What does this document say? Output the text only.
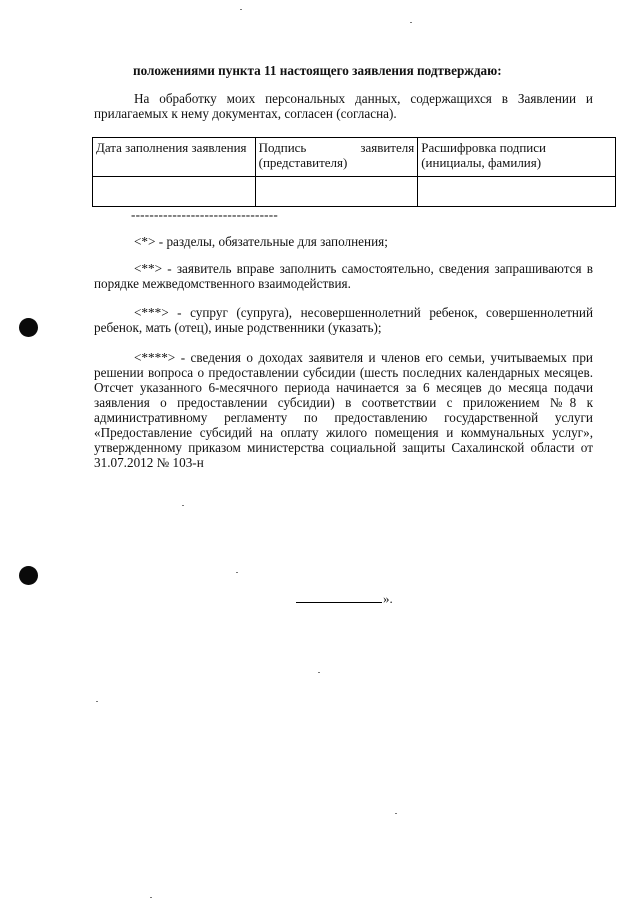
положениями пункта 11 настоящего заявления подтверждаю:
На обработку моих персональных данных, содержащихся в Заявлении и прилагаемых к нему документах, согласен (согласна).
Дата заполнения заявления	Подпись заявителя (представителя)	Расшифровка подписи (инициалы, фамилия)

--------------------------------
<*> - разделы, обязательные для заполнения;
<**> - заявитель вправе заполнить самостоятельно, сведения запрашиваются в порядке межведомственного взаимодействия.
<***> - супруг (супруга), несовершеннолетний ребенок, совершеннолетний ребенок, мать (отец), иные родственники (указать);
<****> - сведения о доходах заявителя и членов его семьи, учитываемых при решении вопроса о предоставлении субсидии (шесть последних календарных месяцев. Отсчет указанного 6-месячного периода начинается за 6 месяцев до месяца подачи заявления о предоставлении субсидии) в соответствии с приложением №8 к административному регламенту по предоставлению государственной услуги «Предоставление субсидий на оплату жилого помещения и коммунальных услуг», утвержденному приказом министерства социальной защиты Сахалинской области от 31.07.2012 № 103-н
».
